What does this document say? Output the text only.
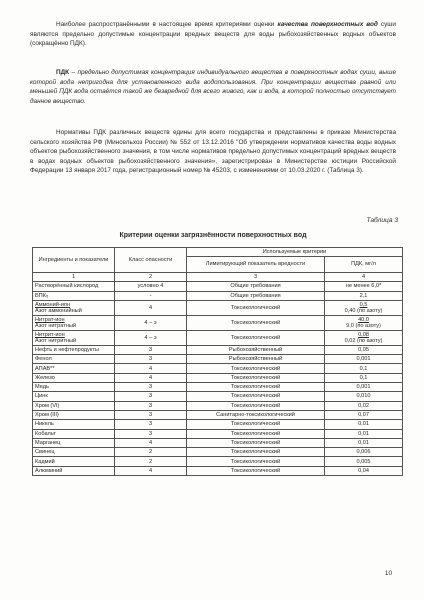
Наиболее распространёнными в настоящее время критериями оценки качества поверхностных вод суши являются предельно допустимые концентрации вредных веществ для воды рыбохозяйственных водных объектов (сокращённо ПДК).

ПДК – предельно допустимая концентрация индивидуального вещества в поверхностных водах суши, выше которой вода непригодна для установленного вида водопользования. При концентрации вещества равной или меньшей ПДК вода остаётся такой же безвредной для всего живого, как и вода, в которой полностью отсутствует данное вещество.

Нормативы ПДК различных веществ едины для всего государства и представлены в приказе Министерства сельского хозяйства РФ (Минсельхоз России) № 552 от 13.12.2016 "Об утверждении нормативов качества воды водных объектов рыбохозяйственного значения, в том числе нормативов предельно допустимых концентраций вредных веществ в водах водных объектов рыбохозяйственного значения», зарегистрирован в Министерстве юстиции Российской Федерации 13 января 2017 года, регистрационный номер № 45203, с изменениями от 10.03.2020 г. (Таблица 3).

Таблица 3

Критерии оценки загрязнённости поверхностных вод

Ингредиенты и показатели	Класс опасности	Используемые критерии	
		Лимитирующий показатель вредности	ПДК, мг/л
1	2	3	4
Растворённый кислород	условно 4	Общие требования	не менее 6,0*
БПК₅	-	Общие требования	2,1

Аммоний-ион
Азот аммонийный	4	Токсикологический	0,5
0,40 (по азоту)

Нитрат-ион
Азот нитратный	4 – э	Токсикологический	40,0
9,0 (по азоту)

Нитрит-ион
Азот нитритный	4 – э	Токсикологический	0,08
0,02 (по азоту)

Нефть и нефтепродукты	3	Рыбохозяйственный	0,05
Фенол	3	Рыбохозяйственный	0,001
АПАВ**	4	Токсикологический	0,1
Железо	4	Токсикологический	0,1
Медь	3	Токсикологический	0,001
Цинк	3	Токсикологический	0,010
Хром (VI)	3	Токсикологический	0,02
Хром (III)	3	Санитарно-токсикологический	0,07
Никель	3	Токсикологический	0,01
Кобальт	3	Токсикологический	0,01
Марганец	4	Токсикологический	0,01
Свинец	2	Токсикологический	0,006
Кадмий	2	Токсикологический	0,005
Алюминий	4	Токсикологический	0,04

10
